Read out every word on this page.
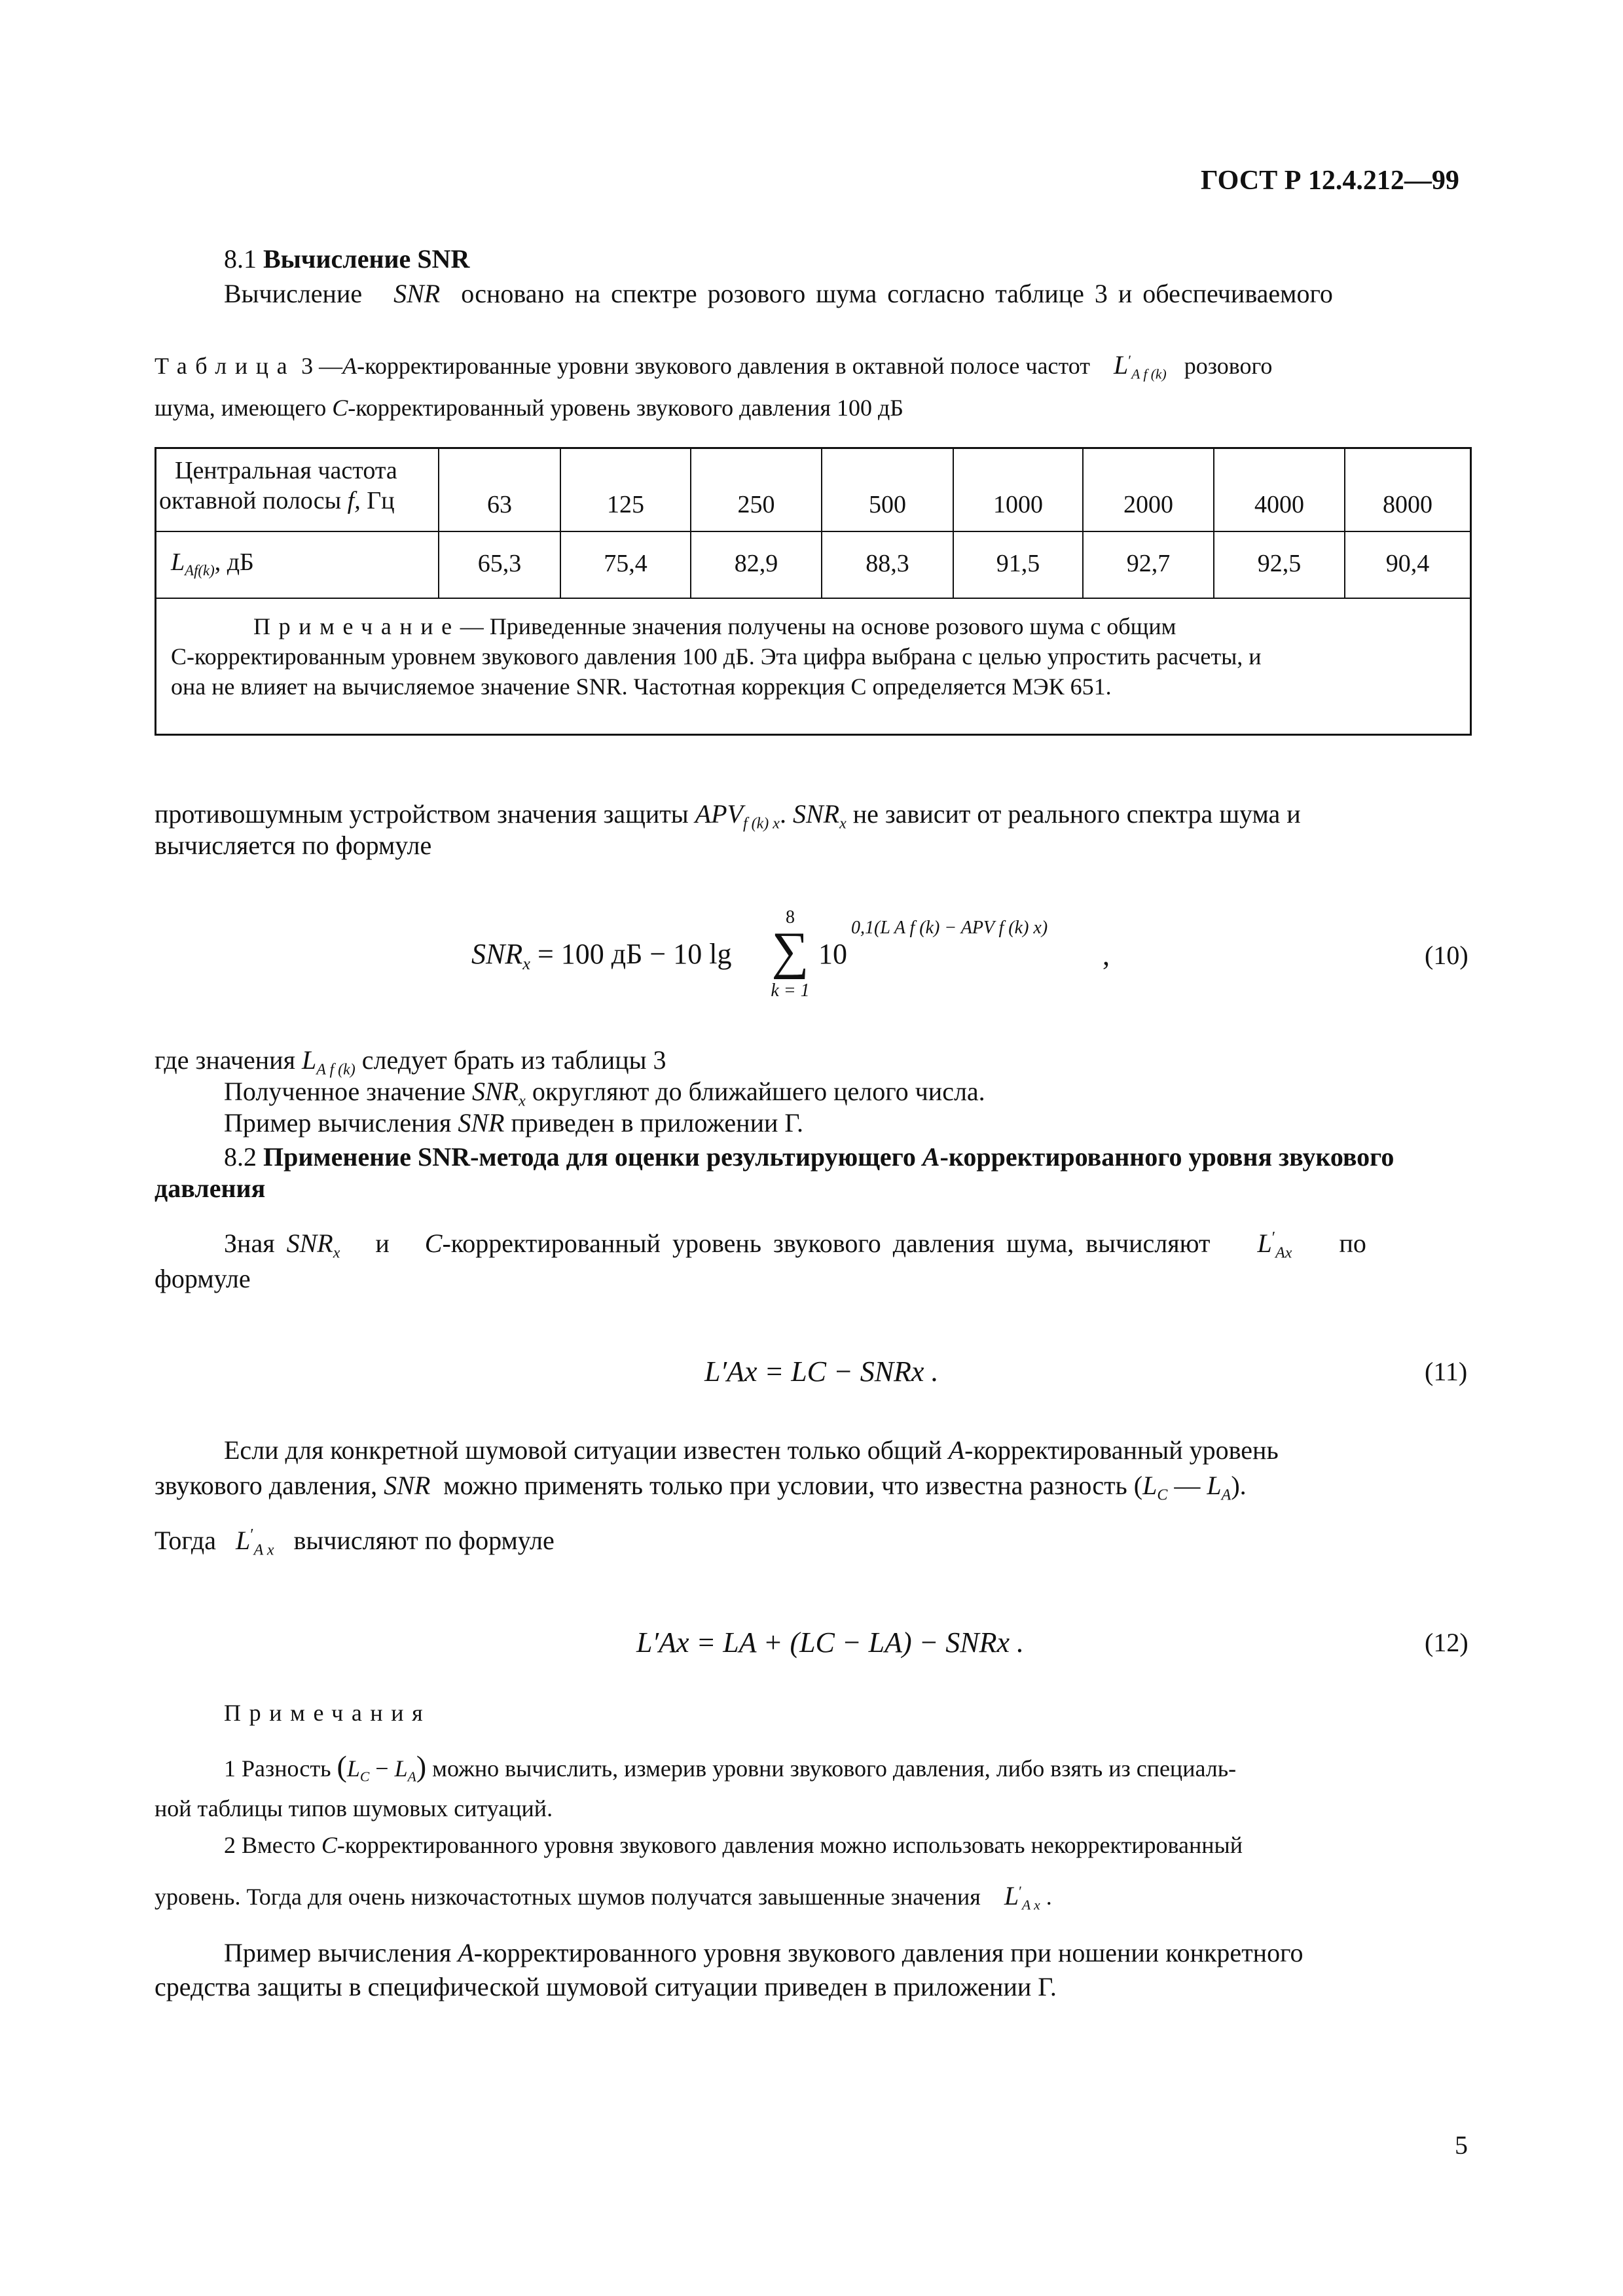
ГОСТ Р 12.4.212—99
8.1 Вычисление SNR
Вычисление SNR основано на спектре розового шума согласно таблице 3 и обеспечиваемого
Таблица 3 —A-корректированные уровни звукового давления в октавной полосе частот $L'_{A f (k)}$ розового
шума, имеющего C-корректированный уровень звукового давления 100 дБ
Центральная частота
октавной полосы f, Гц	63	125	250	500	1000	2000	4000	8000
$L_{Af(k)}$, дБ	65,3	75,4	82,9	88,3	91,5	92,7	92,5	90,4
Примечание— Приведенные значения получены на основе розового шума с общим
C-корректированным уровнем звукового давления 100 дБ. Эта цифра выбрана с целью упростить расчеты, и
она не влияет на вычисляемое значение SNR. Частотная коррекция C определяется МЭК 651.
противошумным устройством значения защиты $APV_{f (k) x}$. $SNR_x$ не зависит от реального спектра шума и
вычисляется по формуле
$SNR_x = 100$ дБ − 10 lg
8
∑
k = 1
10
0,1(L A f (k) − APV f (k) x)
,	(10)
где значения $L_{A f (k)}$ следует брать из таблицы 3
Полученное значение $SNR_x$ округляют до ближайшего целого числа.
Пример вычисления SNR приведен в приложении Г.
8.2 Применение SNR-метода для оценки результирующего A-корректированного уровня звукового
давления
Зная $SNR_x$ и C-корректированный уровень звукового давления шума, вычисляют $L'_{Ax}$ по
формуле
L′Ax = LC − SNRx .	(11)
Если для конкретной шумовой ситуации известен только общий A-корректированный уровень
звукового давления, SNR можно применять только при условии, что известна разность ($L_C$ — $L_A$).
Тогда $L'_{A x}$ вычисляют по формуле
L′Ax = LA + (LC − LA) − SNRx .	(12)
Примечания
1 Разность $(L_C - L_A)$ можно вычислить, измерив уровни звукового давления, либо взять из специаль-
ной таблицы типов шумовых ситуаций.
2 Вместо C-корректированного уровня звукового давления можно использовать некорректированный
уровень. Тогда для очень низкочастотных шумов получатся завышенные значения $L'_{A x}$ .
Пример вычисления A-корректированного уровня звукового давления при ношении конкретного
средства защиты в специфической шумовой ситуации приведен в приложении Г.
5
